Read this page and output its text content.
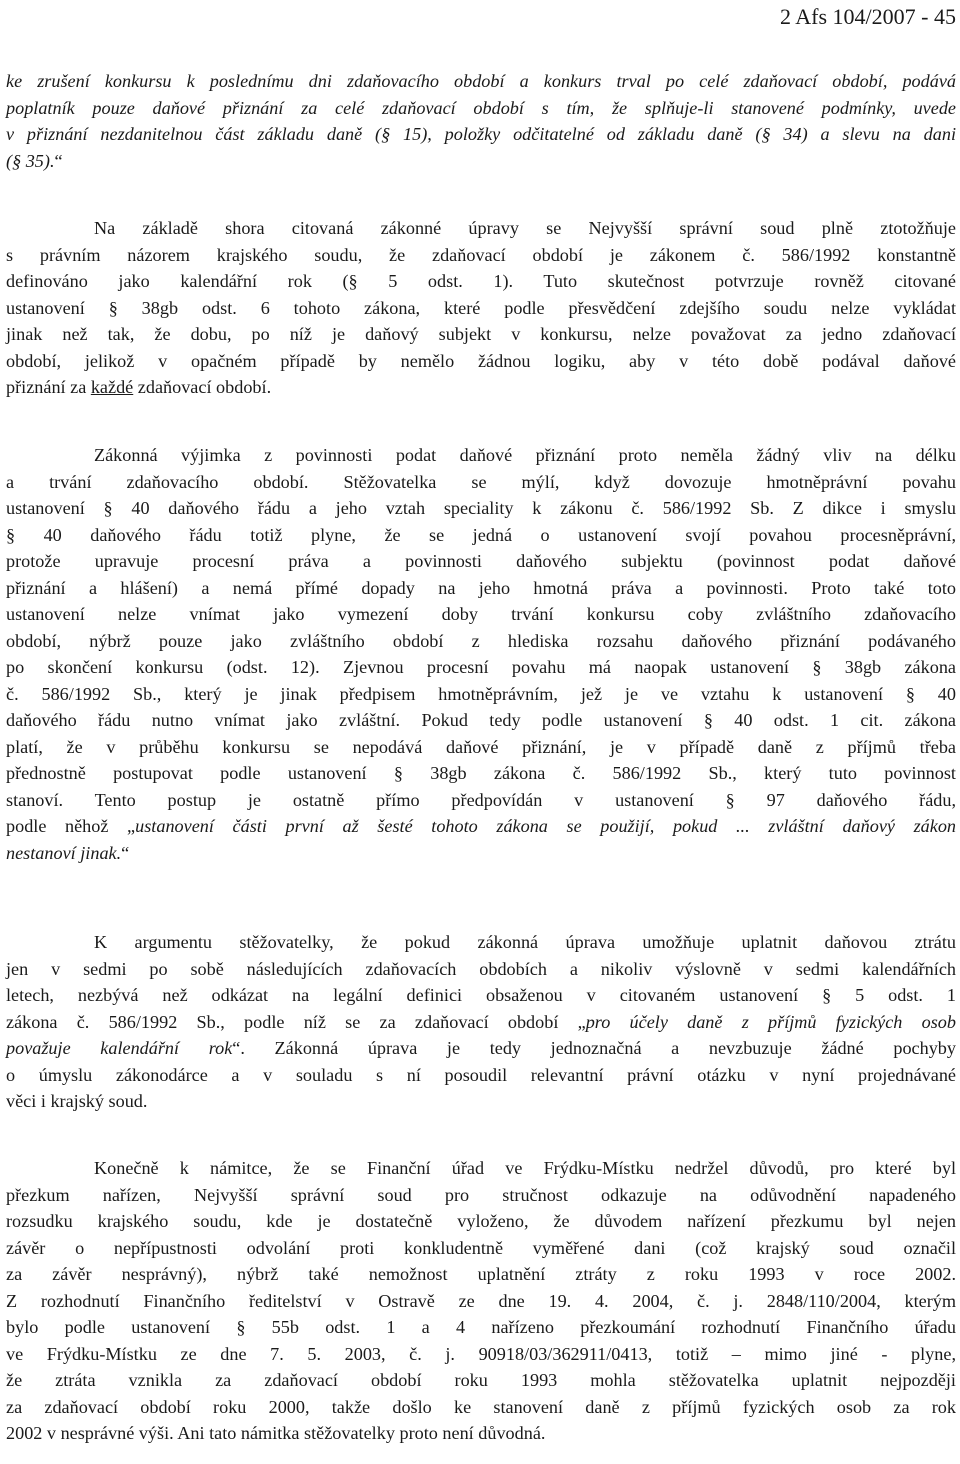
2 Afs 104/2007 - 45
ke zrušení konkursu k poslednímu dni zdaňovacího období a konkurs trval po celé zdaňovací období, podává
poplatník pouze daňové přiznání za celé zdaňovací období s tím, že splňuje-li stanovené podmínky, uvede
v přiznání nezdanitelnou část základu daně (§ 15), položky odčitatelné od základu daně (§ 34) a slevu na dani
(§ 35).“
Na základě shora citovaná zákonné úpravy se Nejvyšší správní soud plně ztotožňuje
s právním názorem krajského soudu, že zdaňovací období je zákonem č. 586/1992 konstantně
definováno jako kalendářní rok (§ 5 odst. 1). Tuto skutečnost potvrzuje rovněž citované
ustanovení § 38gb odst. 6 tohoto zákona, které podle přesvědčení zdejšího soudu nelze vykládat
jinak než tak, že dobu, po níž je daňový subjekt v konkursu, nelze považovat za jedno zdaňovací
období, jelikož v opačném případě by nemělo žádnou logiku, aby v této době podával daňové
přiznání za každé zdaňovací období.
Zákonná výjimka z povinnosti podat daňové přiznání proto neměla žádný vliv na délku
a trvání zdaňovacího období. Stěžovatelka se mýlí, když dovozuje hmotněprávní povahu
ustanovení § 40 daňového řádu a jeho vztah speciality k zákonu č. 586/1992 Sb. Z dikce i smyslu
§ 40 daňového řádu totiž plyne, že se jedná o ustanovení svojí povahou procesněprávní,
protože upravuje procesní práva a povinnosti daňového subjektu (povinnost podat daňové
přiznání a hlášení) a nemá přímé dopady na jeho hmotná práva a povinnosti. Proto také toto
ustanovení nelze vnímat jako vymezení doby trvání konkursu coby zvláštního zdaňovacího
období, nýbrž pouze jako zvláštního období z hlediska rozsahu daňového přiznání podávaného
po skončení konkursu (odst. 12). Zjevnou procesní povahu má naopak ustanovení § 38gb zákona
č. 586/1992 Sb., který je jinak předpisem hmotněprávním, jež je ve vztahu k ustanovení § 40
daňového řádu nutno vnímat jako zvláštní. Pokud tedy podle ustanovení § 40 odst. 1 cit. zákona
platí, že v průběhu konkursu se nepodává daňové přiznání, je v případě daně z příjmů třeba
přednostně postupovat podle ustanovení § 38gb zákona č. 586/1992 Sb., který tuto povinnost
stanoví. Tento postup je ostatně přímo předpovídán v ustanovení § 97 daňového řádu,
podle něhož „ustanovení části první až šesté tohoto zákona se použijí, pokud ... zvláštní daňový zákon
nestanoví jinak.“
K argumentu stěžovatelky, že pokud zákonná úprava umožňuje uplatnit daňovou ztrátu
jen v sedmi po sobě následujících zdaňovacích obdobích a nikoliv výslovně v sedmi kalendářních
letech, nezbývá než odkázat na legální definici obsaženou v citovaném ustanovení § 5 odst. 1
zákona č. 586/1992 Sb., podle níž se za zdaňovací období „pro účely daně z příjmů fyzických osob
považuje kalendářní rok“. Zákonná úprava je tedy jednoznačná a nevzbuzuje žádné pochyby
o úmyslu zákonodárce a v souladu s ní posoudil relevantní právní otázku v nyní projednávané
věci i krajský soud.
Konečně k námitce, že se Finanční úřad ve Frýdku-Místku nedržel důvodů, pro které byl
přezkum nařízen, Nejvyšší správní soud pro stručnost odkazuje na odůvodnění napadeného
rozsudku krajského soudu, kde je dostatečně vyloženo, že důvodem nařízení přezkumu byl nejen
závěr o nepřípustnosti odvolání proti konkludentně vyměřené dani (což krajský soud označil
za závěr nesprávný), nýbrž také nemožnost uplatnění ztráty z roku 1993 v roce 2002.
Z rozhodnutí Finančního ředitelství v Ostravě ze dne 19. 4. 2004, č. j. 2848/110/2004, kterým
bylo podle ustanovení § 55b odst. 1 a 4 nařízeno přezkoumání rozhodnutí Finančního úřadu
ve Frýdku-Místku ze dne 7. 5. 2003, č. j. 90918/03/362911/0413, totiž – mimo jiné - plyne,
že ztráta vznikla za zdaňovací období roku 1993 mohla stěžovatelka uplatnit nejpozději
za zdaňovací období roku 2000, takže došlo ke stanovení daně z příjmů fyzických osob za rok
2002 v nesprávné výši. Ani tato námitka stěžovatelky proto není důvodná.
